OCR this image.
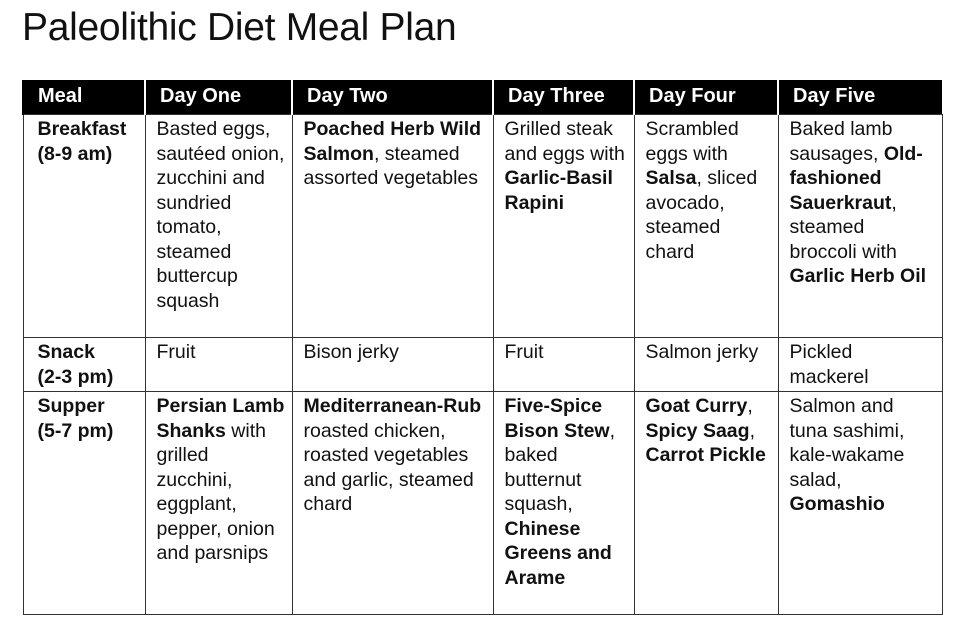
Paleolithic Diet Meal Plan
Meal	Day One	Day Two	Day Three	Day Four	Day Five

Breakfast
(8-9 am)	Basted eggs, sautéed onion, zucchini and sundried tomato, steamed buttercup squash	Poached Herb Wild Salmon, steamed assorted vegetables	Grilled steak and eggs with Garlic-Basil Rapini	Scrambled eggs with Salsa, sliced avocado, steamed chard	Baked lamb sausages, Old-fashioned Sauerkraut, steamed broccoli with Garlic Herb Oil

Snack
(2-3 pm)	Fruit	Bison jerky	Fruit	Salmon jerky	Pickled mackerel

Supper
(5-7 pm)	Persian Lamb Shanks with grilled zucchini, eggplant, pepper, onion and parsnips	Mediterranean-Rub roasted chicken, roasted vegetables and garlic, steamed chard	Five-Spice Bison Stew, baked butternut squash, Chinese Greens and Arame	Goat Curry, Spicy Saag, Carrot Pickle	Salmon and tuna sashimi, kale-wakame salad, Gomashio
